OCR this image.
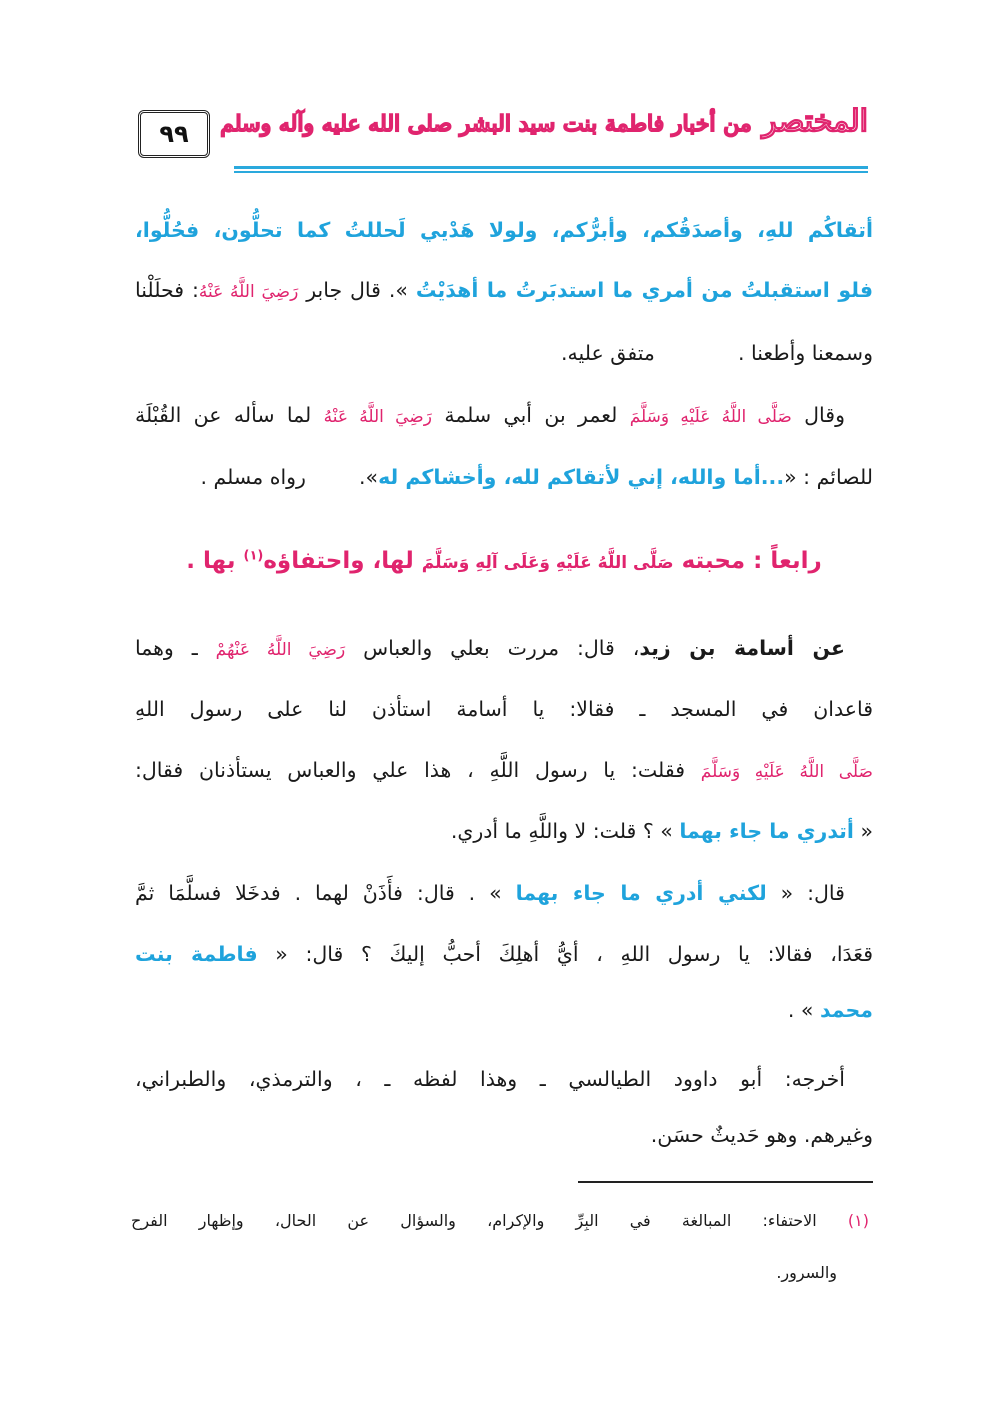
٩٩	المختصر من أخبار فاطمة بنت سيد البشر صلى الله عليه وآله وسلم
أتقاكُم للهِ، وأصدَقُكم، وأبرُّكم، ولولا هَدْيي لَحللتُ كما تحلُّون، فحُلُّوا،
فلو استقبلتُ من أمري ما استدبَرتُ ما أهدَيْتُ ». قال جابر رَضِيَ اللَّهُ عَنْهُ: فحلَلْنا
وسمعنا وأطعنا .  متفق عليه.
وقال صَلَّى اللَّهُ عَلَيْهِ وَسَلَّمَ لعمر بن أبي سلمة رَضِيَ اللَّهُ عَنْهُ لما سأله عن القُبْلَة
للصائم : «...أما والله، إني لأتقاكم لله، وأخشاكم له».  رواه مسلم .
رابعاً : محبته صَلَّى اللَّهُ عَلَيْهِ وَعَلَى آلِهِ وَسَلَّمَ لها، واحتفاؤه$^{(١)}$ بها .
عن أسامة بن زيد، قال: مررت بعلي والعباس رَضِيَ اللَّهُ عَنْهُمْ ـ وهما
قاعدان في المسجد ـ فقالا: يا أسامة استأذن لنا على رسول اللهِ
صَلَّى اللَّهُ عَلَيْهِ وَسَلَّمَ فقلت: يا رسول اللَّهِ ، هذا علي والعباس يستأذنان فقال:
« أتدري ما جاء بهما » ؟ قلت: لا واللَّهِ ما أدري.
قال: « لكني أدري ما جاء بهما » . قال: فأَذَنْ لهما . فدخَلا فسلَّمَا ثمَّ
قعَدَا، فقالا: يا رسول اللهِ ، أيُّ أهلِكَ أحبُّ إليكَ ؟ قال: « فاطمة بنت
محمد » .
أخرجه: أبو داوود الطيالسي ـ وهذا لفظه ـ ، والترمذي، والطبراني،
وغيرهم. وهو حَديثٌ حسَن.
(١) الاحتفاء: المبالغة في البِرِّ والإكرام، والسؤال عن الحال، وإظهار الفرح
والسرور.
